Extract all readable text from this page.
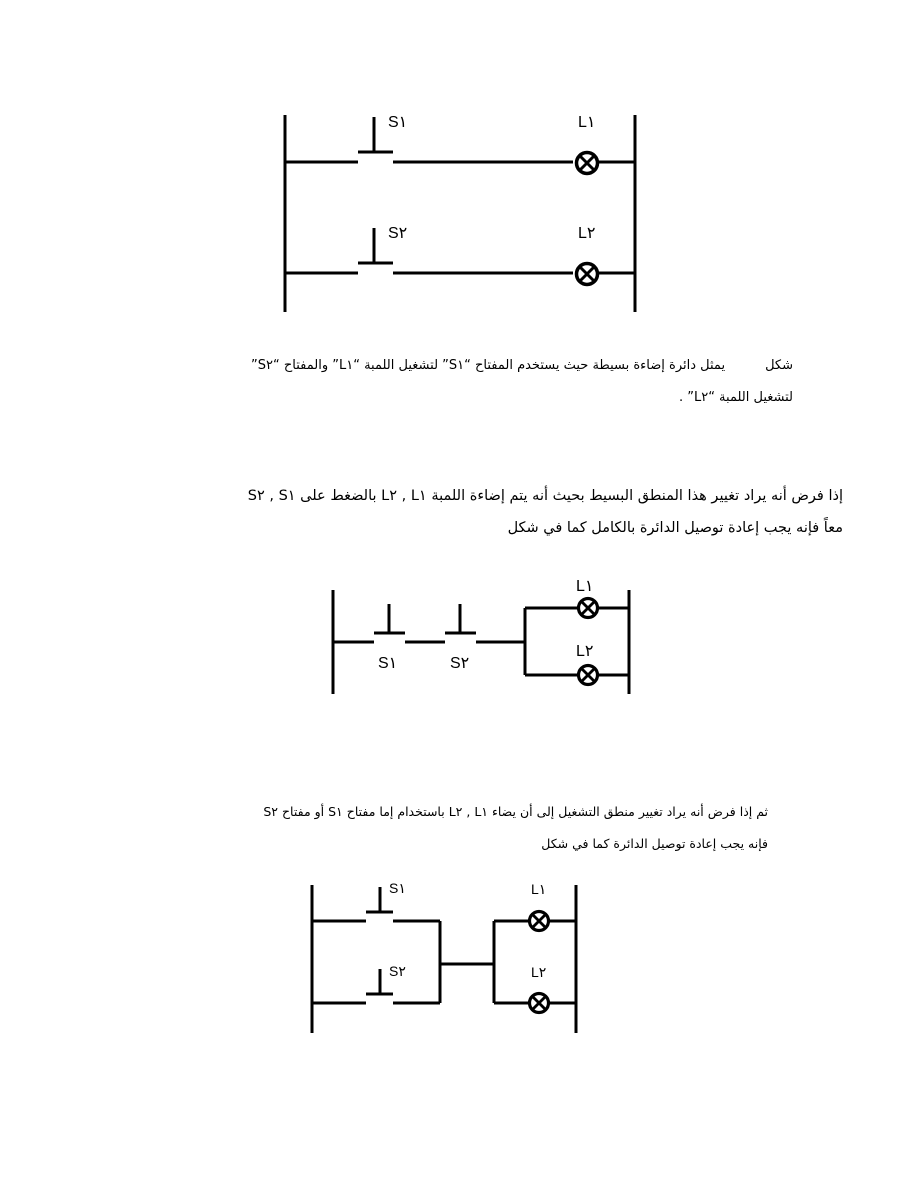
S١	L١
S٢	L٢
شكليمثل دائرة إضاءة بسيطة حيث يستخدم المفتاح “S١” لتشغيل اللمبة “L١” والمفتاح “S٢”
لتشغيل اللمبة “L٢” .
إذا فرض أنه يراد تغيير هذا المنطق البسيط بحيث أنه يتم إضاءة اللمبة L١ , L٢ بالضغط على S١ , S٢
معاً فإنه يجب إعادة توصيل الدائرة بالكامل كما في شكل
S١	S٢
L١
L٢
ثم إذا فرض أنه يراد تغيير منطق التشغيل إلى أن يضاء L١ , L٢ باستخدام إما مفتاح S١ أو مفتاح S٢
فإنه يجب إعادة توصيل الدائرة كما في شكل
S١
S٢
L١
L٢
